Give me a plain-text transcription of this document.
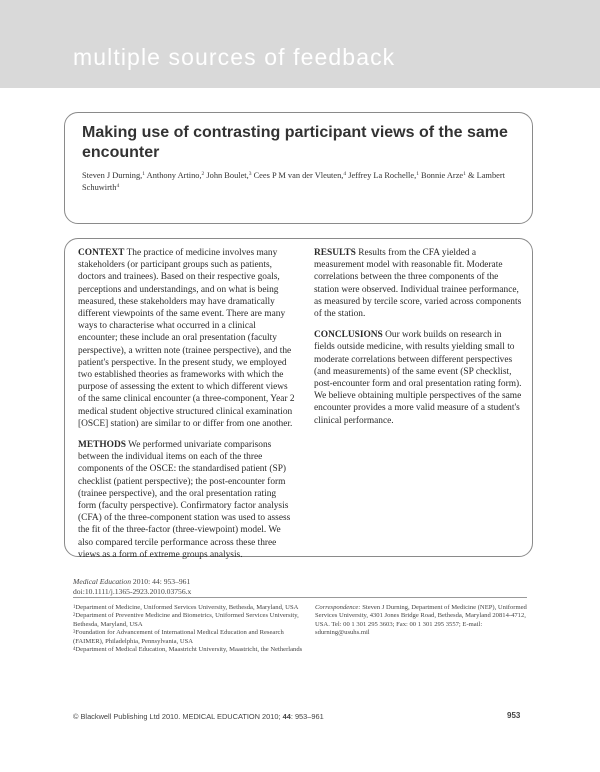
multiple sources of feedback
Making use of contrasting participant views of the same encounter
Steven J Durning,$^1$ Anthony Artino,$^2$ John Boulet,$^3$ Cees P M van der Vleuten,$^4$ Jeffrey La Rochelle,$^1$ Bonnie Arze$^1$ & Lambert Schuwirth$^4$

CONTEXT The practice of medicine involves many stakeholders (or participant groups such as patients, doctors and trainees). Based on their respective goals, perceptions and understandings, and on what is being measured, these stakeholders may have dramatically different viewpoints of the same event. There are many ways to characterise what occurred in a clinical encounter; these include an oral presentation (faculty perspective), a written note (trainee perspective), and the patient's perspective. In the present study, we employed two established theories as frameworks with which the purpose of assessing the extent to which different views of the same clinical encounter (a three-component, Year 2 medical student objective structured clinical examination [OSCE] station) are similar to or differ from one another.

METHODS We performed univariate comparisons between the individual items on each of the three components of the OSCE: the standardised patient (SP) checklist (patient perspective); the post-encounter form (trainee perspective), and the oral presentation rating form (faculty perspective). Confirmatory factor analysis (CFA) of the three-component station was used to assess the fit of the three-factor (three-viewpoint) model. We also compared tercile performance across these three views as a form of extreme groups analysis.

RESULTS Results from the CFA yielded a measurement model with reasonable fit. Moderate correlations between the three components of the station were observed. Individual trainee performance, as measured by tercile score, varied across components of the station.

CONCLUSIONS Our work builds on research in fields outside medicine, with results yielding small to moderate correlations between different perspectives (and measurements) of the same event (SP checklist, post-encounter form and oral presentation rating form). We believe obtaining multiple perspectives of the same encounter provides a more valid measure of a student's clinical performance.

Medical Education 2010: 44: 953–961
doi:10.1111/j.1365-2923.2010.03756.x
$^1$Department of Medicine, Uniformed Services University, Bethesda, Maryland, USA
$^2$Department of Preventive Medicine and Biometrics, Uniformed Services University, Bethesda, Maryland, USA
$^3$Foundation for Advancement of International Medical Education and Research (FAIMER), Philadelphia, Pennsylvania, USA
$^4$Department of Medical Education, Maastricht University, Maastricht, the Netherlands
Correspondence: Steven J Durning, Department of Medicine (NEP), Uniformed Services University, 4301 Jones Bridge Road, Bethesda, Maryland 20814-4712, USA. Tel: 00 1 301 295 3603; Fax: 00 1 301 295 3557; E-mail: sdurning@usuhs.mil
© Blackwell Publishing Ltd 2010. MEDICAL EDUCATION 2010; 44: 953–961	953
